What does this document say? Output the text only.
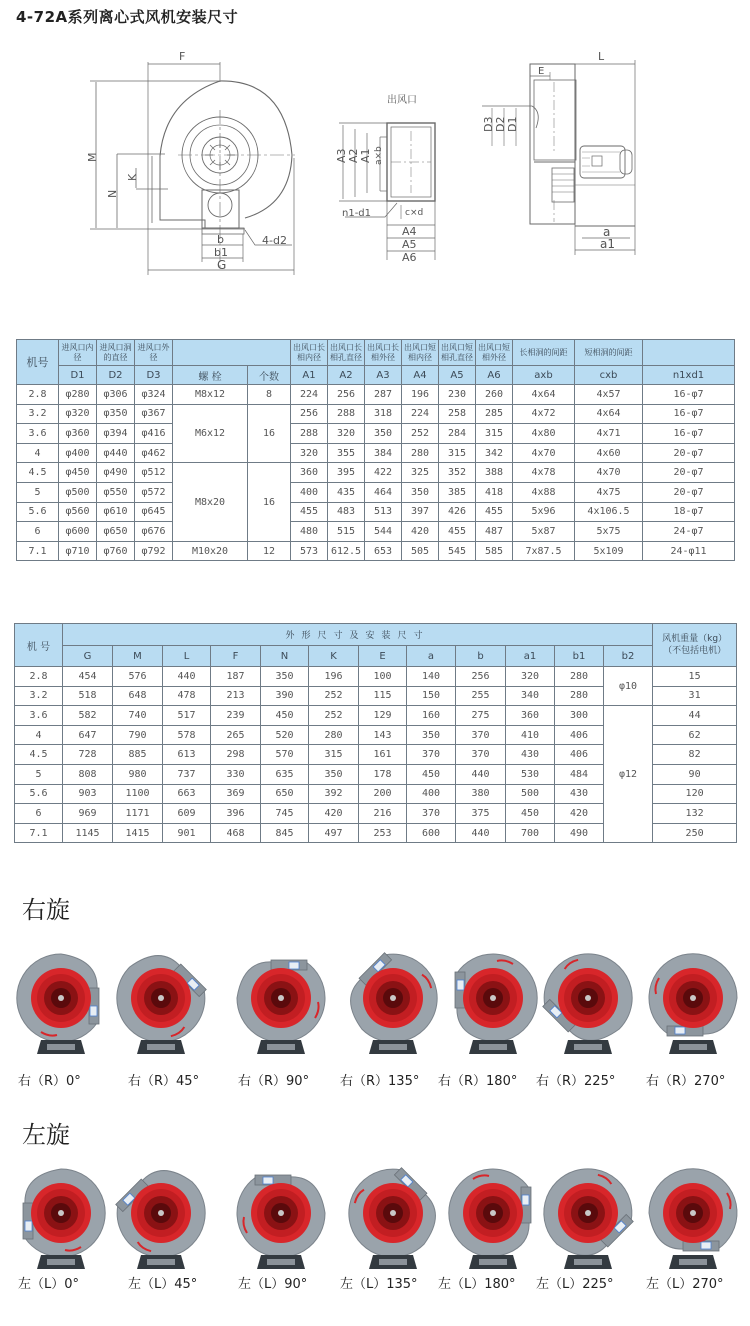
4-72A系列离心式风机安装尺寸
F
M
N
K
b
b1
G
4-d2
出风口
A3 A2 A1 a×b
n1-d1	c×d
A4
A5
A6
L
E
D3 D2 D1
a
a1
机号	进风口内径	进风口洞的直径	进风口外径			出风口长相内径	出风口长相孔直径	出风口长相外径	出风口短相内径	出风口短相孔直径	出风口短相外径	长相洞的间距	短相洞的间距	
	D1	D2	D3	螺 栓	个数	A1	A2	A3	A4	A5	A6	axb	cxb	n1xd1
2.8	φ280	φ306	φ324	M8x12	8	224	256	287	196	230	260	4x64	4x57	16-φ7
3.2	φ320	φ350	φ367	M6x12	16	256	288	318	224	258	285	4x72	4x64	16-φ7
3.6	φ360	φ394	φ416			288	320	350	252	284	315	4x80	4x71	16-φ7
4	φ400	φ440	φ462			320	355	384	280	315	342	4x70	4x60	20-φ7
4.5	φ450	φ490	φ512	M8x20	16	360	395	422	325	352	388	4x78	4x70	20-φ7
5	φ500	φ550	φ572			400	435	464	350	385	418	4x88	4x75	20-φ7
5.6	φ560	φ610	φ645			455	483	513	397	426	455	5x96	4x106.5	18-φ7
6	φ600	φ650	φ676			480	515	544	420	455	487	5x87	5x75	24-φ7
7.1	φ710	φ760	φ792	M10x20	12	573	612.5	653	505	545	585	7x87.5	5x109	24-φ11
机 号	外形尺寸及安装尺寸												风机重量（kg）
（不包括电机）
	G	M	L	F	N	K	E	a	b	a1	b1	b2	
2.8	454	576	440	187	350	196	100	140	256	320	280	φ10	15
3.2	518	648	478	213	390	252	115	150	255	340	280		31
3.6	582	740	517	239	450	252	129	160	275	360	300	φ12	44
4	647	790	578	265	520	280	143	350	370	410	406		62
4.5	728	885	613	298	570	315	161	370	370	430	406		82
5	808	980	737	330	635	350	178	450	440	530	484		90
5.6	903	1100	663	369	650	392	200	400	380	500	430		120
6	969	1171	609	396	745	420	216	370	375	450	420		132
7.1	1145	1415	901	468	845	497	253	600	440	700	490		250
右旋
右（R）0°	右（R）45°	右（R）90° 右（R）135° 右（R）180° 右（R）225° 右（R）270°
左旋
左（L）0°	左（L）45°	左（L）90°	左（L）135° 左（L）180° 左（L）225° 左（L）270°
